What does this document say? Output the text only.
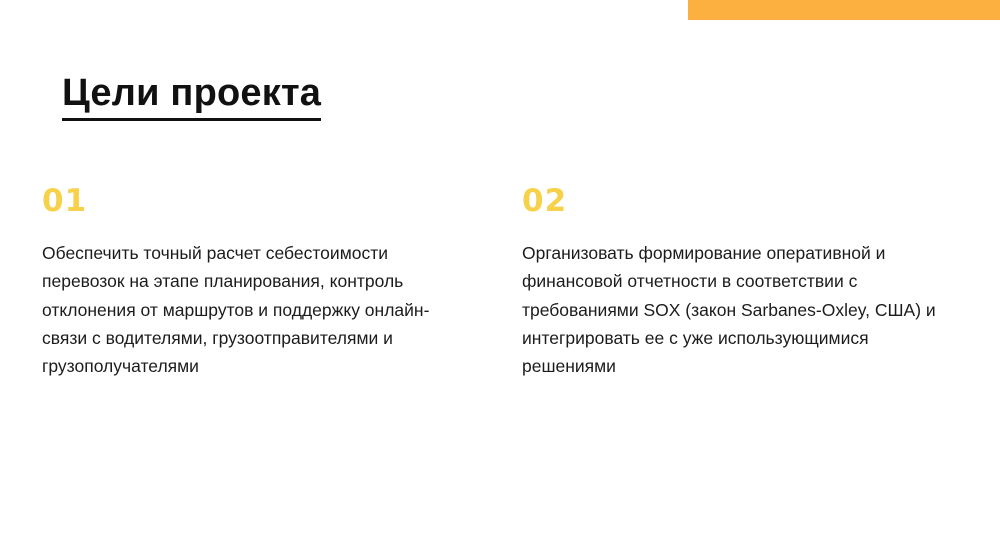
Цели проекта
01
Обеспечить точный расчет себестоимости перевозок на этапе планирования, контроль отклонения от маршрутов и поддержку онлайн-связи с водителями, грузоотправителями и грузополучателями
02
Организовать формирование оперативной и финансовой отчетности в соответствии с требованиями SOX (закон Sarbanes-Oxley, США) и интегрировать ее с уже использующимися решениями
